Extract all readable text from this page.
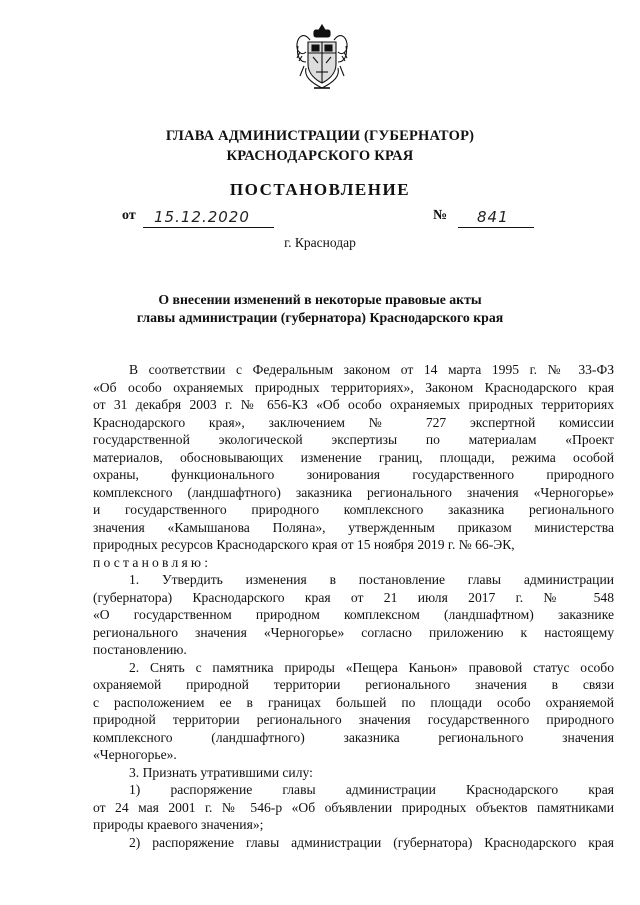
ГЛАВА АДМИНИСТРАЦИИ (ГУБЕРНАТОР)
КРАСНОДАРСКОГО КРАЯ
ПОСТАНОВЛЕНИЕ
от 15.12.2020	№ 841
г. Краснодар
О внесении изменений в некоторые правовые акты
главы администрации (губернатора) Краснодарского края

В соответствии с Федеральным законом от 14 марта 1995 г. № 33-ФЗ

«Об особо охраняемых природных территориях», Законом Краснодарского края

от 31 декабря 2003 г. № 656-КЗ «Об особо охраняемых природных территориях

Краснодарского края», заключением № 727 экспертной комиссии

государственной экологической экспертизы по материалам «Проект

материалов, обосновывающих изменение границ, площади, режима особой

охраны, функционального зонирования государственного природного

комплексного (ландшафтного) заказника регионального значения «Черногорье»

и государственного природного комплексного заказника регионального

значения «Камышанова Поляна», утвержденным приказом министерства

природных ресурсов Краснодарского края от 15 ноября 2019 г. № 66-ЭК,

постановляю:

1. Утвердить изменения в постановление главы администрации

(губернатора) Краснодарского края от 21 июля 2017 г. № 548

«О государственном природном комплексном (ландшафтном) заказнике

регионального значения «Черногорье» согласно приложению к настоящему

постановлению.

2. Снять с памятника природы «Пещера Каньон» правовой статус особо

охраняемой природной территории регионального значения в связи

с расположением ее в границах большей по площади особо охраняемой

природной территории регионального значения государственного природного

комплексного (ландшафтного) заказника регионального значения

«Черногорье».

3. Признать утратившими силу:

1) распоряжение главы администрации Краснодарского края

от 24 мая 2001 г. № 546-р «Об объявлении природных объектов памятниками

природы краевого значения»;

2) распоряжение главы администрации (губернатора) Краснодарского края
